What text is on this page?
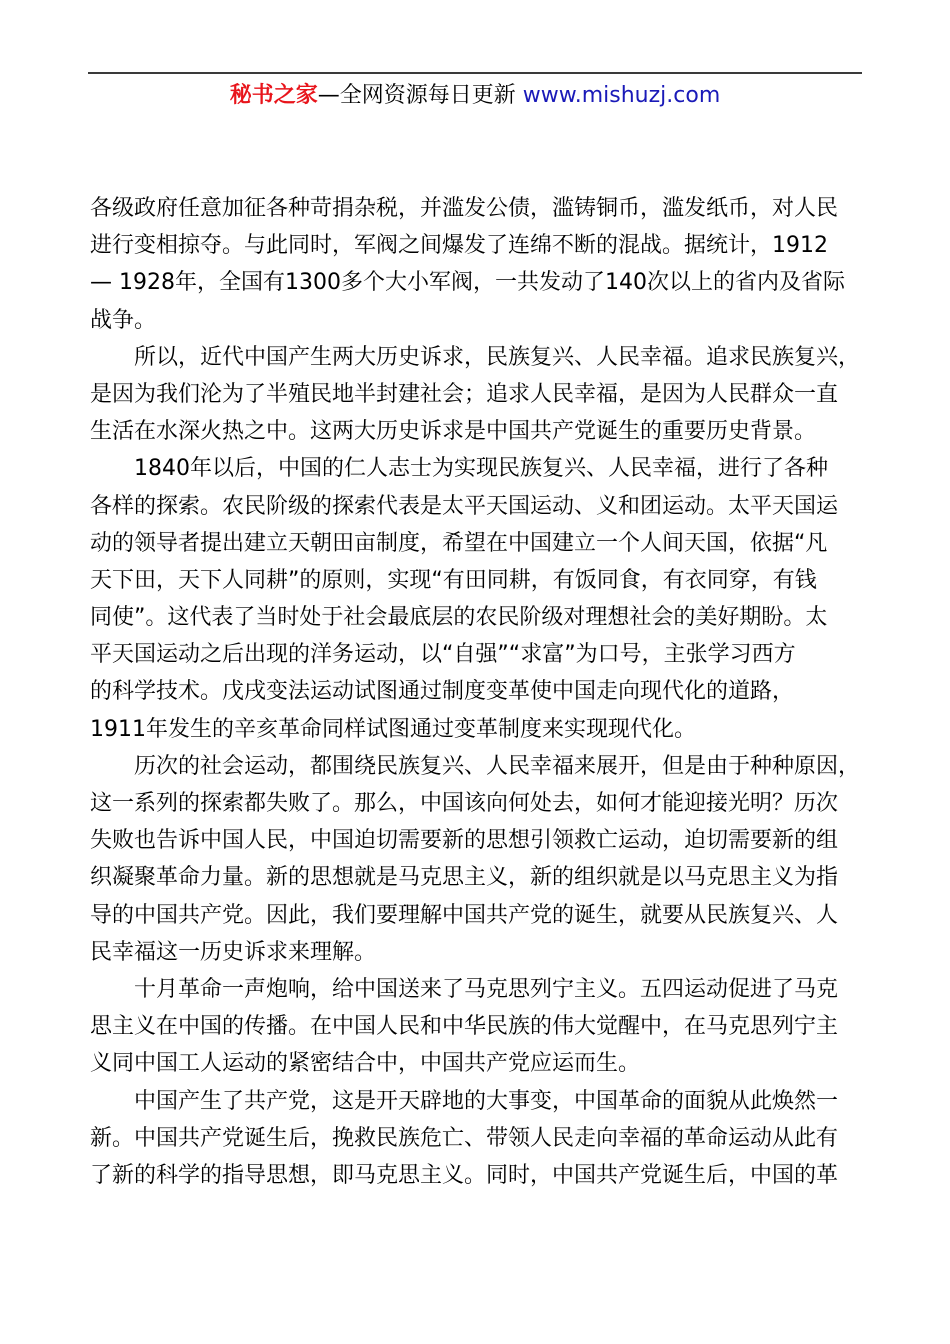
秘书之家—全网资源每日更新 www.mishuzj.com
各级政府任意加征各种苛捐杂税，并滥发公债，滥铸铜币，滥发纸币，对人民
进行变相掠夺。与此同时，军阀之间爆发了连绵不断的混战。据统计，1912
— 1928年，全国有1300多个大小军阀，一共发动了140次以上的省内及省际
战争。
所以，近代中国产生两大历史诉求，民族复兴、人民幸福。追求民族复兴，
是因为我们沦为了半殖民地半封建社会；追求人民幸福，是因为人民群众一直
生活在水深火热之中。这两大历史诉求是中国共产党诞生的重要历史背景。
1840年以后，中国的仁人志士为实现民族复兴、人民幸福，进行了各种
各样的探索。农民阶级的探索代表是太平天国运动、义和团运动。太平天国运
动的领导者提出建立天朝田亩制度，希望在中国建立一个人间天国，依据“凡
天下田，天下人同耕”的原则，实现“有田同耕，有饭同食，有衣同穿，有钱
同使”。这代表了当时处于社会最底层的农民阶级对理想社会的美好期盼。太
平天国运动之后出现的洋务运动，以“自强”“求富”为口号，主张学习西方
的科学技术。戊戌变法运动试图通过制度变革使中国走向现代化的道路，
1911年发生的辛亥革命同样试图通过变革制度来实现现代化。
历次的社会运动，都围绕民族复兴、人民幸福来展开，但是由于种种原因，
这一系列的探索都失败了。那么，中国该向何处去，如何才能迎接光明？历次
失败也告诉中国人民，中国迫切需要新的思想引领救亡运动，迫切需要新的组
织凝聚革命力量。新的思想就是马克思主义，新的组织就是以马克思主义为指
导的中国共产党。因此，我们要理解中国共产党的诞生，就要从民族复兴、人
民幸福这一历史诉求来理解。
十月革命一声炮响，给中国送来了马克思列宁主义。五四运动促进了马克
思主义在中国的传播。在中国人民和中华民族的伟大觉醒中，在马克思列宁主
义同中国工人运动的紧密结合中，中国共产党应运而生。
中国产生了共产党，这是开天辟地的大事变，中国革命的面貌从此焕然一
新。中国共产党诞生后，挽救民族危亡、带领人民走向幸福的革命运动从此有
了新的科学的指导思想，即马克思主义。同时，中国共产党诞生后，中国的革
